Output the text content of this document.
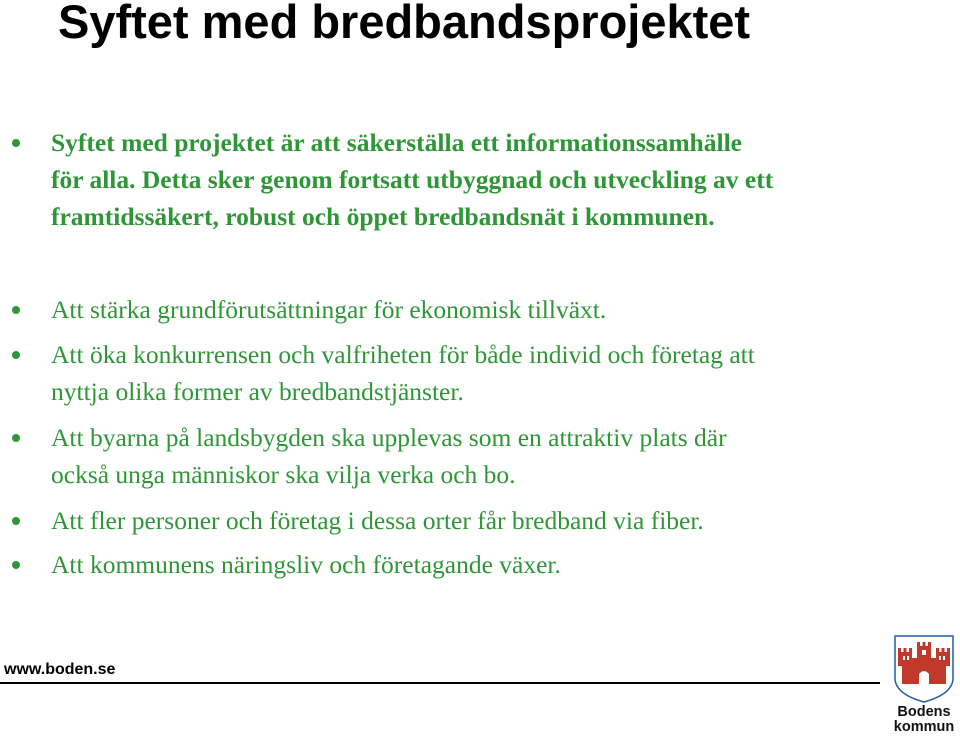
Syftet med bredbandsprojektet
Syftet med projektet är att säkerställa ett informationssamhälle
för alla. Detta sker genom fortsatt utbyggnad och utveckling av ett
framtidssäkert, robust och öppet bredbandsnät i kommunen.
Att stärka grundförutsättningar för ekonomisk tillväxt.
Att öka konkurrensen och valfriheten för både individ och företag att
nyttja olika former av bredbandstjänster.
Att byarna på landsbygden ska upplevas som en attraktiv plats där
också unga människor ska vilja verka och bo.
Att fler personer och företag i dessa orter får bredband via fiber.
Att kommunens näringsliv och företagande växer.
www.boden.se
Bodens
kommun
